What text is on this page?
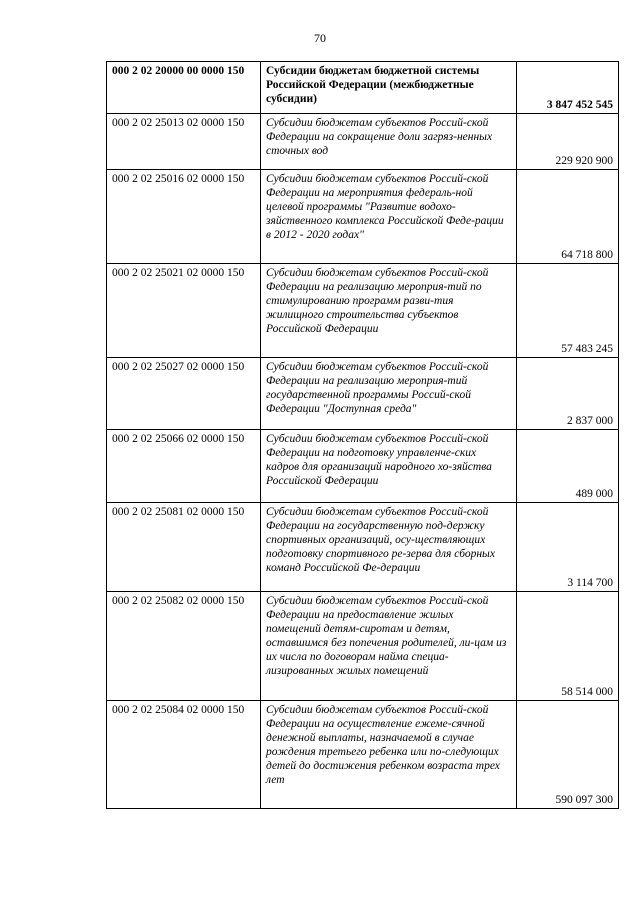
70
000 2 02 20000 00 0000 150	Субсидии бюджетам бюджетной системы Российской Федерации (межбюджетные субсидии)	3 847 452 545
000 2 02 25013 02 0000 150	Субсидии бюджетам субъектов Россий-ской Федерации на сокращение доли загряз-ненных сточных вод	229 920 900
000 2 02 25016 02 0000 150	Субсидии бюджетам субъектов Россий-ской Федерации на мероприятия федераль-ной целевой программы "Развитие водохо-зяйственного комплекса Российской Феде-рации в 2012 - 2020 годах"	64 718 800
000 2 02 25021 02 0000 150	Субсидии бюджетам субъектов Россий-ской Федерации на реализацию мероприя-тий по стимулированию программ разви-тия жилищного строительства субъектов Российской Федерации	57 483 245
000 2 02 25027 02 0000 150	Субсидии бюджетам субъектов Россий-ской Федерации на реализацию мероприя-тий государственной программы Россий-ской Федерации "Доступная среда"	2 837 000
000 2 02 25066 02 0000 150	Субсидии бюджетам субъектов Россий-ской Федерации на подготовку управленче-ских кадров для организаций народного хо-зяйства Российской Федерации	489 000
000 2 02 25081 02 0000 150	Субсидии бюджетам субъектов Россий-ской Федерации на государственную под-держку спортивных организаций, осу-ществляющих подготовку спортивного ре-зерва для сборных команд Российской Фе-дерации	3 114 700
000 2 02 25082 02 0000 150	Субсидии бюджетам субъектов Россий-ской Федерации на предоставление жилых помещений детям-сиротам и детям, оставшимся без попечения родителей, ли-цам из их числа по договорам найма специа-лизированных жилых помещений	58 514 000
000 2 02 25084 02 0000 150	Субсидии бюджетам субъектов Россий-ской Федерации на осуществление ежеме-сячной денежной выплаты, назначаемой в случае рождения третьего ребенка или по-следующих детей до достижения ребенком возраста трех лет	590 097 300
